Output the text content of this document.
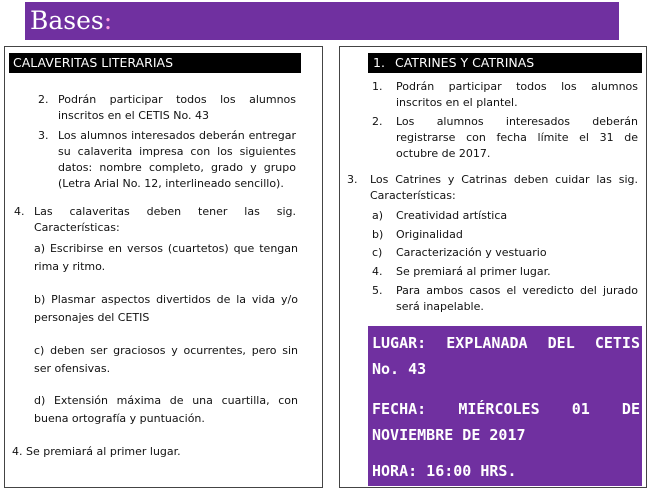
Bases:
CALAVERITAS LITERARIAS
2. Podrán participar todos los alumnos inscritos en el CETIS No. 43
3. Los alumnos interesados deberán entregar su calaverita impresa con los siguientes datos: nombre completo, grado y grupo (Letra Arial No. 12, interlineado sencillo).
4. Las calaveritas deben tener las sig. Características:
a) Escribirse en versos (cuartetos) que tengan rima y ritmo.
b) Plasmar aspectos divertidos de la vida y/o personajes del CETIS
c) deben ser graciosos y ocurrentes, pero sin ser ofensivas.
d) Extensión máxima de una cuartilla, con buena ortografía y puntuación.
4. Se premiará al primer lugar.
1. CATRINES Y CATRINAS
1. Podrán participar todos los alumnos inscritos en el plantel.
2. Los alumnos interesados deberán registrarse con fecha límite el 31 de octubre de 2017.
3. Los Catrines y Catrinas deben cuidar las sig. Características:
a) Creatividad artística
b) Originalidad
c) Caracterización y vestuario
4. Se premiará al primer lugar.
5. Para ambos casos el veredicto del jurado será inapelable.
LUGAR: EXPLANADA DEL CETIS No. 43
FECHA: MIÉRCOLES 01 DE NOVIEMBRE DE 2017
HORA: 16:00 HRS.
